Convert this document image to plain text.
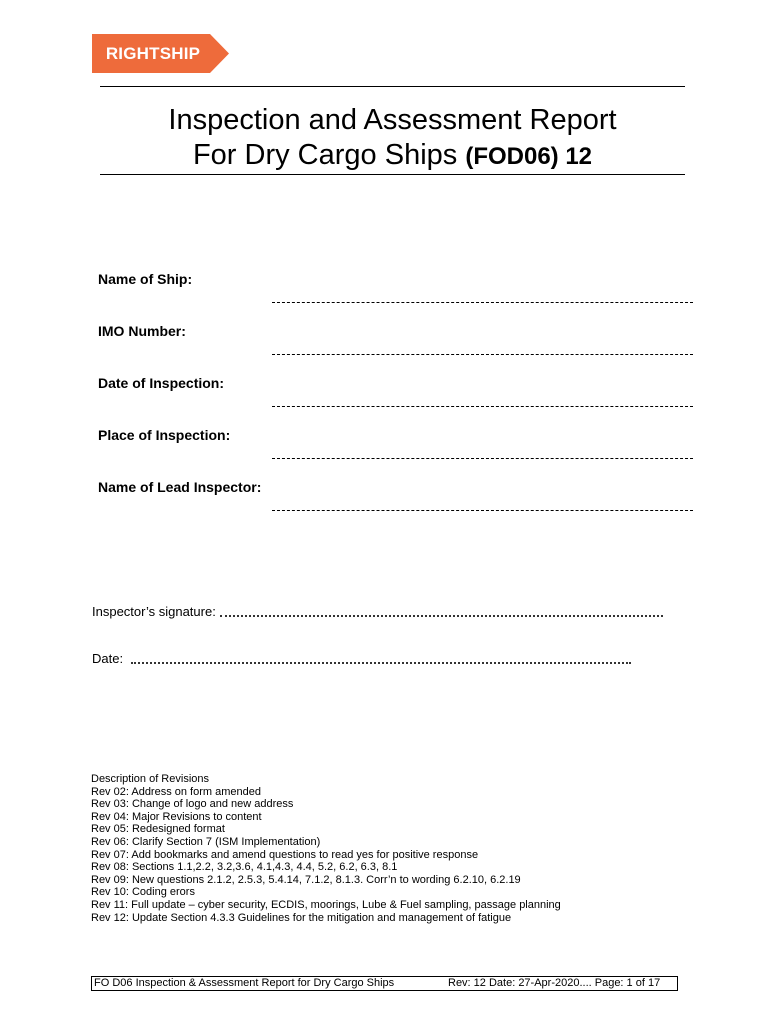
RIGHTSHIP
Inspection and Assessment Report
For Dry Cargo Ships (FOD06) 12
Name of Ship:
IMO Number:
Date of Inspection:
Place of Inspection:
Name of Lead Inspector:
Inspector’s signature:
Date:
Description of Revisions
Rev 02: Address on form amended
Rev 03: Change of logo and new address
Rev 04: Major Revisions to content
Rev 05: Redesigned format
Rev 06: Clarify Section 7 (ISM Implementation)
Rev 07: Add bookmarks and amend questions to read yes for positive response
Rev 08: Sections 1.1,2.2, 3.2,3.6, 4.1,4.3, 4.4, 5.2, 6.2, 6.3, 8.1
Rev 09: New questions 2.1.2, 2.5.3, 5.4.14, 7.1.2, 8.1.3. Corr’n to wording 6.2.10, 6.2.19
Rev 10: Coding erors
Rev 11: Full update – cyber security, ECDIS, moorings, Lube & Fuel sampling, passage planning
Rev 12: Update Section 4.3.3 Guidelines for the mitigation and management of fatigue
FO D06 Inspection & Assessment Report for Dry Cargo Ships	Rev: 12 Date: 27-Apr-2020.... Page: 1 of 17
